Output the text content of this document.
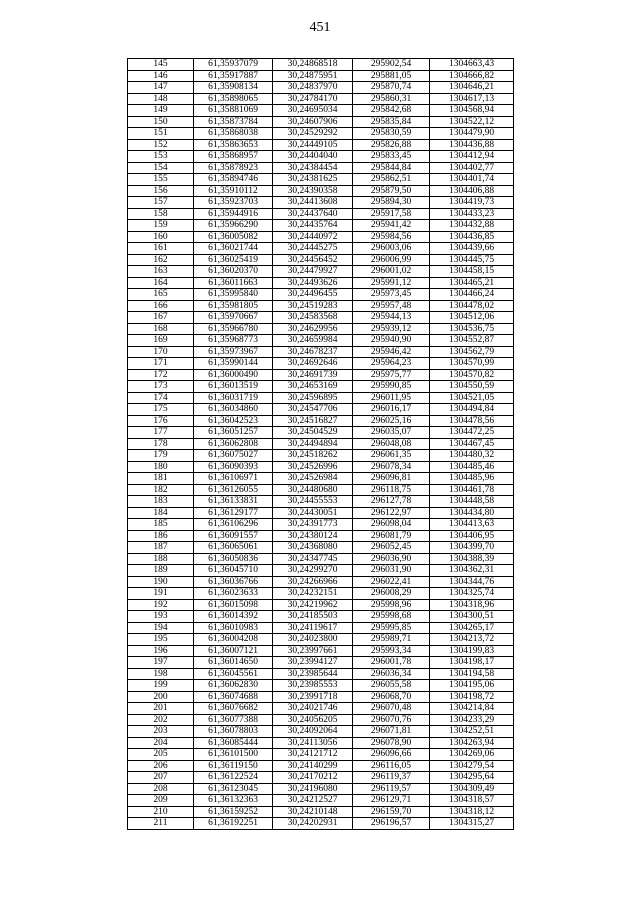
451
145	61,35937079	30,24868518	295902,54	1304663,43
146	61,35917887	30,24875951	295881,05	1304666,82
147	61,35908134	30,24837970	295870,74	1304646,21
148	61,35898065	30,24784170	295860,31	1304617,13
149	61,35881069	30,24695034	295842,68	1304568,94
150	61,35873784	30,24607906	295835,84	1304522,12
151	61,35868038	30,24529292	295830,59	1304479,90
152	61,35863653	30,24449105	295826,88	1304436,88
153	61,35868957	30,24404040	295833,45	1304412,94
154	61,35878923	30,24384454	295844,84	1304402,77
155	61,35894746	30,24381625	295862,51	1304401,74
156	61,35910112	30,24390358	295879,50	1304406,88
157	61,35923703	30,24413608	295894,30	1304419,73
158	61,35944916	30,24437640	295917,58	1304433,23
159	61,35966290	30,24435764	295941,42	1304432,88
160	61,36005082	30,24440972	295984,56	1304436,85
161	61,36021744	30,24445275	296003,06	1304439,66
162	61,36025419	30,24456452	296006,99	1304445,75
163	61,36020370	30,24479927	296001,02	1304458,15
164	61,36011663	30,24493626	295991,12	1304465,21
165	61,35995840	30,24496455	295973,45	1304466,24
166	61,35981805	30,24519283	295957,48	1304478,02
167	61,35970667	30,24583568	295944,13	1304512,06
168	61,35966780	30,24629956	295939,12	1304536,75
169	61,35968773	30,24659984	295940,90	1304552,87
170	61,35973967	30,24678237	295946,42	1304562,79
171	61,35990144	30,24692646	295964,23	1304570,99
172	61,36000490	30,24691739	295975,77	1304570,82
173	61,36013519	30,24653169	295990,85	1304550,59
174	61,36031719	30,24596895	296011,95	1304521,05
175	61,36034860	30,24547706	296016,17	1304494,84
176	61,36042523	30,24516827	296025,16	1304478,56
177	61,36051257	30,24504529	296035,07	1304472,25
178	61,36062808	30,24494894	296048,08	1304467,45
179	61,36075027	30,24518262	296061,35	1304480,32
180	61,36090393	30,24526996	296078,34	1304485,46
181	61,36106971	30,24526984	296096,81	1304485,96
182	61,36126055	30,24480680	296118,75	1304461,78
183	61,36133831	30,24455553	296127,78	1304448,58
184	61,36129177	30,24430051	296122,97	1304434,80
185	61,36106296	30,24391773	296098,04	1304413,63
186	61,36091557	30,24380124	296081,79	1304406,95
187	61,36065061	30,24368080	296052,45	1304399,70
188	61,36050836	30,24347745	296036,90	1304388,39
189	61,36045710	30,24299270	296031,90	1304362,31
190	61,36036766	30,24266966	296022,41	1304344,76
191	61,36023633	30,24232151	296008,29	1304325,74
192	61,36015098	30,24219962	295998,96	1304318,96
193	61,36014392	30,24185503	295998,68	1304300,51
194	61,36010983	30,24119617	295995,85	1304265,17
195	61,36004208	30,24023800	295989,71	1304213,72
196	61,36007121	30,23997661	295993,34	1304199,83
197	61,36014650	30,23994127	296001,78	1304198,17
198	61,36045561	30,23985644	296036,34	1304194,58
199	61,36062830	30,23985553	296055,58	1304195,06
200	61,36074688	30,23991718	296068,70	1304198,72
201	61,36076682	30,24021746	296070,48	1304214,84
202	61,36077388	30,24056205	296070,76	1304233,29
203	61,36078803	30,24092064	296071,81	1304252,51
204	61,36085444	30,24113056	296078,90	1304263,94
205	61,36101500	30,24121712	296096,66	1304269,06
206	61,36119150	30,24140299	296116,05	1304279,54
207	61,36122524	30,24170212	296119,37	1304295,64
208	61,36123045	30,24196080	296119,57	1304309,49
209	61,36132363	30,24212527	296129,71	1304318,57
210	61,36159252	30,24210148	296159,70	1304318,12
211	61,36192251	30,24202931	296196,57	1304315,27
